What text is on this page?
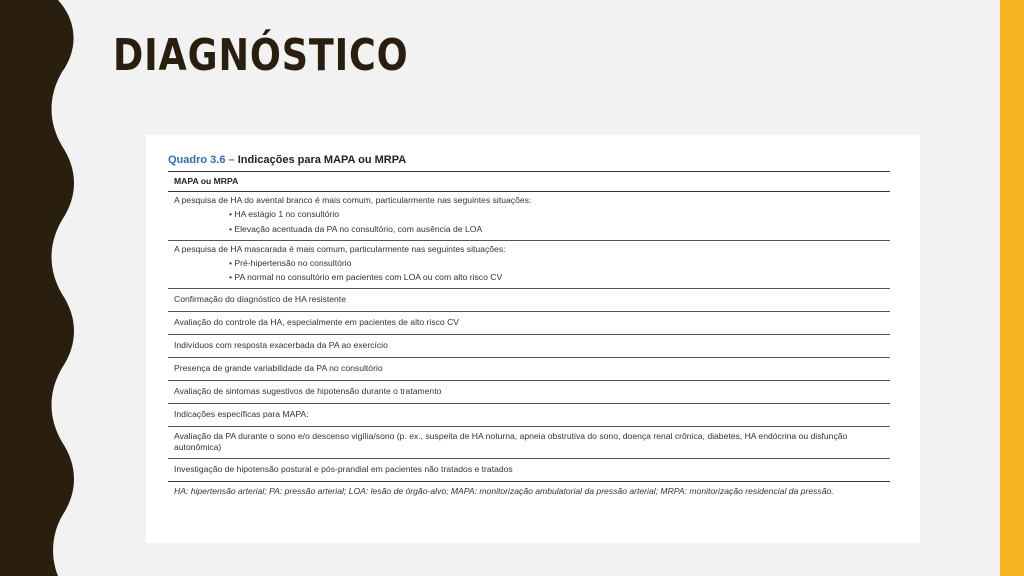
DIAGNÓSTICO
Quadro 3.6 – Indicações para MAPA ou MRPA
MAPA ou MRPA
A pesquisa de HA do avental branco é mais comum, particularmente nas seguintes situações:
• HA estágio 1 no consultório
• Elevação acentuada da PA no consultório, com ausência de LOA
A pesquisa de HA mascarada é mais comum, particularmente nas seguintes situações:
• Pré-hipertensão no consultório
• PA normal no consultório em pacientes com LOA ou com alto risco CV
Confirmação do diagnóstico de HA resistente
Avaliação do controle da HA, especialmente em pacientes de alto risco CV
Indivíduos com resposta exacerbada da PA ao exercício
Presença de grande variabilidade da PA no consultório
Avaliação de sintomas sugestivos de hipotensão durante o tratamento
Indicações específicas para MAPA:
Avaliação da PA durante o sono e/o descenso vigília/sono (p. ex., suspeita de HA noturna, apneia obstrutiva do sono, doença renal crônica, diabetes, HA endócrina ou disfunção autonômica)
Investigação de hipotensão postural e pós-prandial em pacientes não tratados e tratados
HA: hipertensão arterial; PA: pressão arterial; LOA: lesão de órgão-alvo; MAPA: monitorização ambulatorial da pressão arterial; MRPA: monitorização residencial da pressão.
